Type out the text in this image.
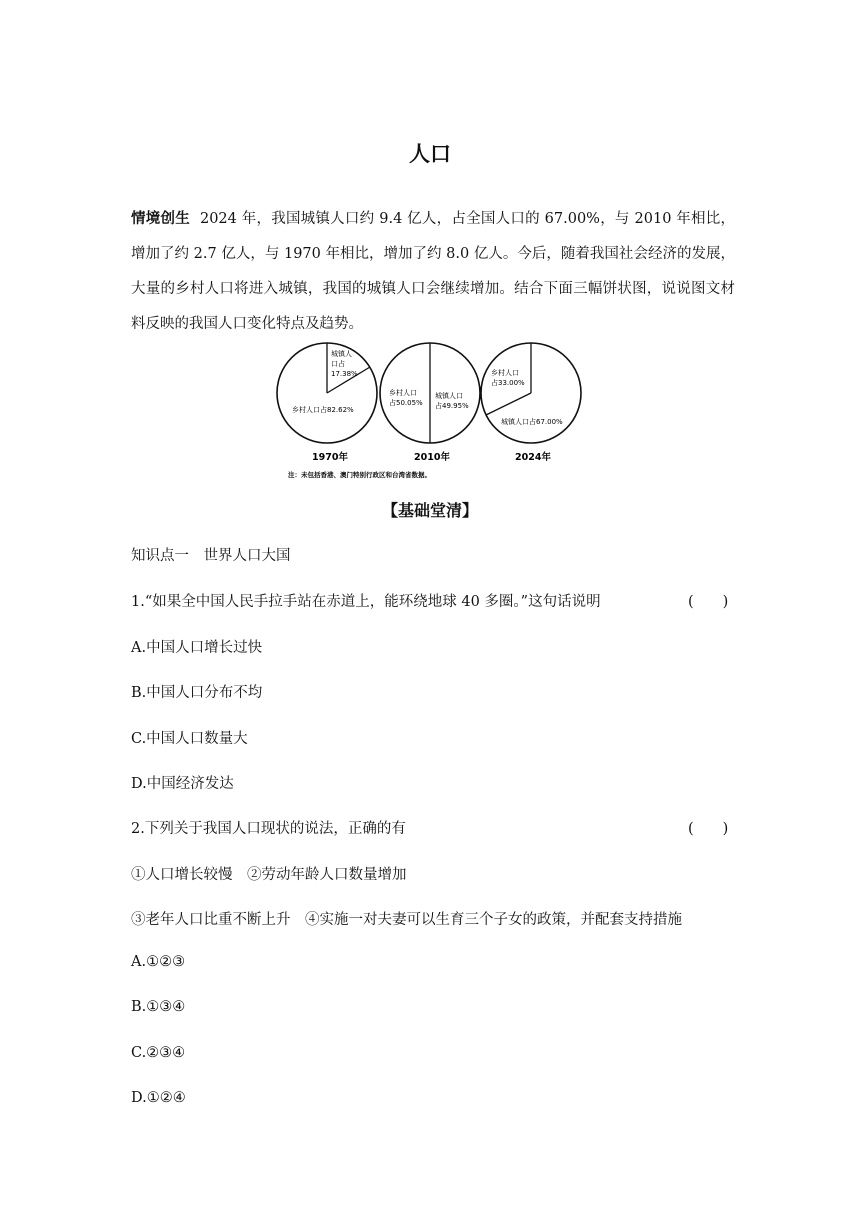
人口
情境创生 2024 年，我国城镇人口约 9.4 亿人，占全国人口的 67.00%，与 2010 年相比，增加了约 2.7 亿人，与 1970 年相比，增加了约 8.0 亿人。今后，随着我国社会经济的发展，大量的乡村人口将进入城镇，我国的城镇人口会继续增加。结合下面三幅饼状图，说说图文材料反映的我国人口变化特点及趋势。
城镇人
口占
17.38%
乡村人口占82.62%
1970年
乡村人口
占50.05%
城镇人口
占49.95%
2010年
乡村人口
占33.00%
城镇人口占67.00%
2024年
注：未包括香港、澳门特别行政区和台湾省数据。
【基础堂清】
知识点一　世界人口大国
1.“如果全中国人民手拉手站在赤道上，能环绕地球 40 多圈。”这句话说明	(　　)
A.中国人口增长过快
B.中国人口分布不均
C.中国人口数量大
D.中国经济发达
2.下列关于我国人口现状的说法，正确的有	(　　)
①人口增长较慢　②劳动年龄人口数量增加
③老年人口比重不断上升　④实施一对夫妻可以生育三个子女的政策，并配套支持措施
A.①②③
B.①③④
C.②③④
D.①②④
